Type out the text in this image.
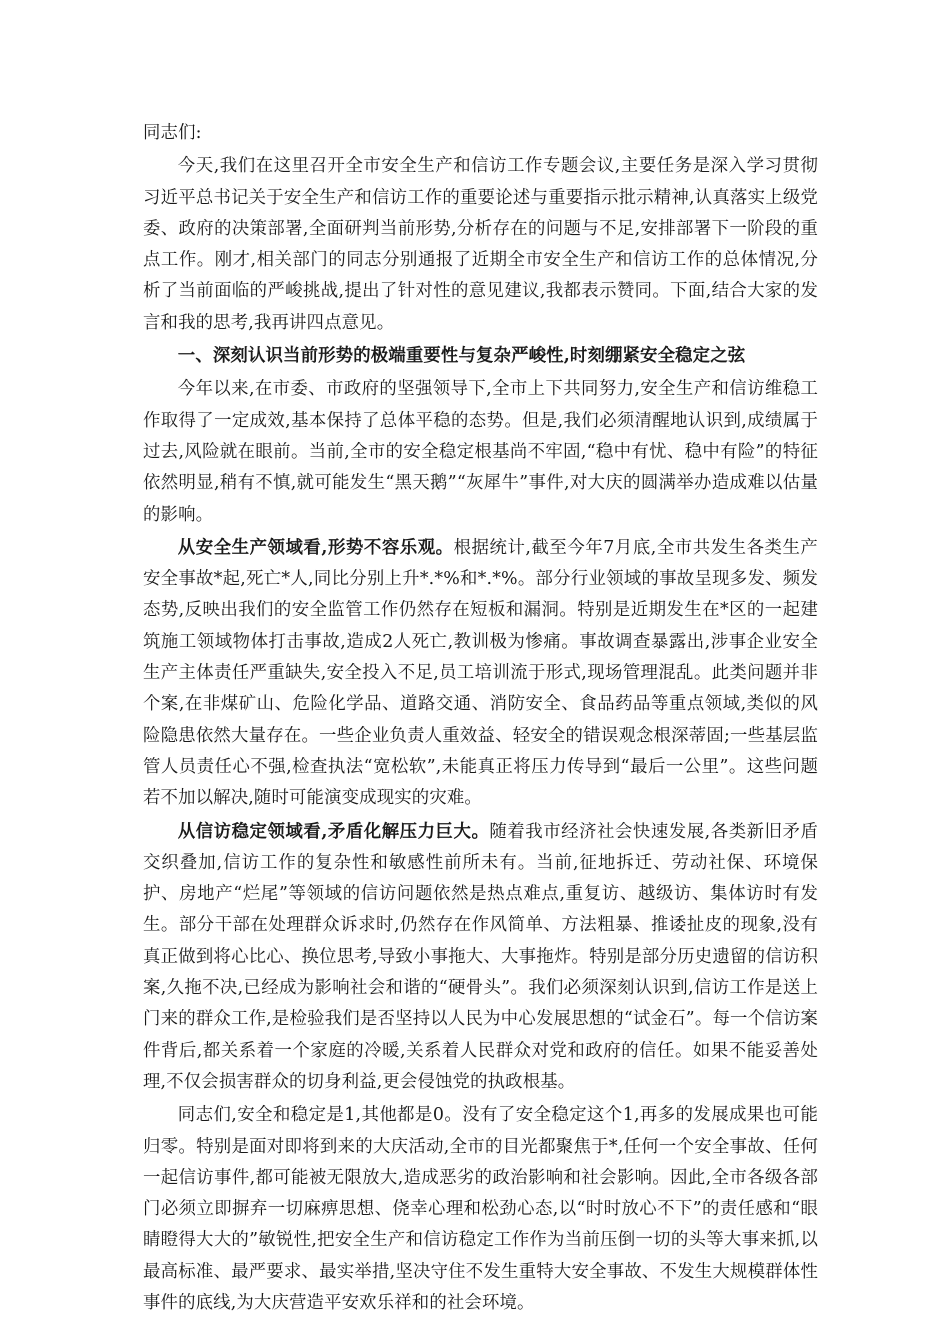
同志们:

今天,我们在这里召开全市安全生产和信访工作专题会议,主要任务是深入学习贯彻习近平总书记关于安全生产和信访工作的重要论述与重要指示批示精神,认真落实上级党委、政府的决策部署,全面研判当前形势,分析存在的问题与不足,安排部署下一阶段的重点工作。刚才,相关部门的同志分别通报了近期全市安全生产和信访工作的总体情况,分析了当前面临的严峻挑战,提出了针对性的意见建议,我都表示赞同。下面,结合大家的发言和我的思考,我再讲四点意见。

一、深刻认识当前形势的极端重要性与复杂严峻性,时刻绷紧安全稳定之弦

今年以来,在市委、市政府的坚强领导下,全市上下共同努力,安全生产和信访维稳工作取得了一定成效,基本保持了总体平稳的态势。但是,我们必须清醒地认识到,成绩属于过去,风险就在眼前。当前,全市的安全稳定根基尚不牢固,“稳中有忧、稳中有险”的特征依然明显,稍有不慎,就可能发生“黑天鹅”“灰犀牛”事件,对大庆的圆满举办造成难以估量的影响。

从安全生产领域看,形势不容乐观。根据统计,截至今年7月底,全市共发生各类生产安全事故*起,死亡*人,同比分别上升*.*%和*.*%。部分行业领域的事故呈现多发、频发态势,反映出我们的安全监管工作仍然存在短板和漏洞。特别是近期发生在*区的一起建筑施工领域物体打击事故,造成2人死亡,教训极为惨痛。事故调查暴露出,涉事企业安全生产主体责任严重缺失,安全投入不足,员工培训流于形式,现场管理混乱。此类问题并非个案,在非煤矿山、危险化学品、道路交通、消防安全、食品药品等重点领域,类似的风险隐患依然大量存在。一些企业负责人重效益、轻安全的错误观念根深蒂固;一些基层监管人员责任心不强,检查执法“宽松软”,未能真正将压力传导到“最后一公里”。这些问题若不加以解决,随时可能演变成现实的灾难。

从信访稳定领域看,矛盾化解压力巨大。随着我市经济社会快速发展,各类新旧矛盾交织叠加,信访工作的复杂性和敏感性前所未有。当前,征地拆迁、劳动社保、环境保护、房地产“烂尾”等领域的信访问题依然是热点难点,重复访、越级访、集体访时有发生。部分干部在处理群众诉求时,仍然存在作风简单、方法粗暴、推诿扯皮的现象,没有真正做到将心比心、换位思考,导致小事拖大、大事拖炸。特别是部分历史遗留的信访积案,久拖不决,已经成为影响社会和谐的“硬骨头”。我们必须深刻认识到,信访工作是送上门来的群众工作,是检验我们是否坚持以人民为中心发展思想的“试金石”。每一个信访案件背后,都关系着一个家庭的冷暖,关系着人民群众对党和政府的信任。如果不能妥善处理,不仅会损害群众的切身利益,更会侵蚀党的执政根基。

同志们,安全和稳定是1,其他都是0。没有了安全稳定这个1,再多的发展成果也可能归零。特别是面对即将到来的大庆活动,全市的目光都聚焦于*,任何一个安全事故、任何一起信访事件,都可能被无限放大,造成恶劣的政治影响和社会影响。因此,全市各级各部门必须立即摒弃一切麻痹思想、侥幸心理和松劲心态,以“时时放心不下”的责任感和“眼睛瞪得大大的”敏锐性,把安全生产和信访稳定工作作为当前压倒一切的头等大事来抓,以最高标准、最严要求、最实举措,坚决守住不发生重特大安全事故、不发生大规模群体性事件的底线,为大庆营造平安欢乐祥和的社会环境。
